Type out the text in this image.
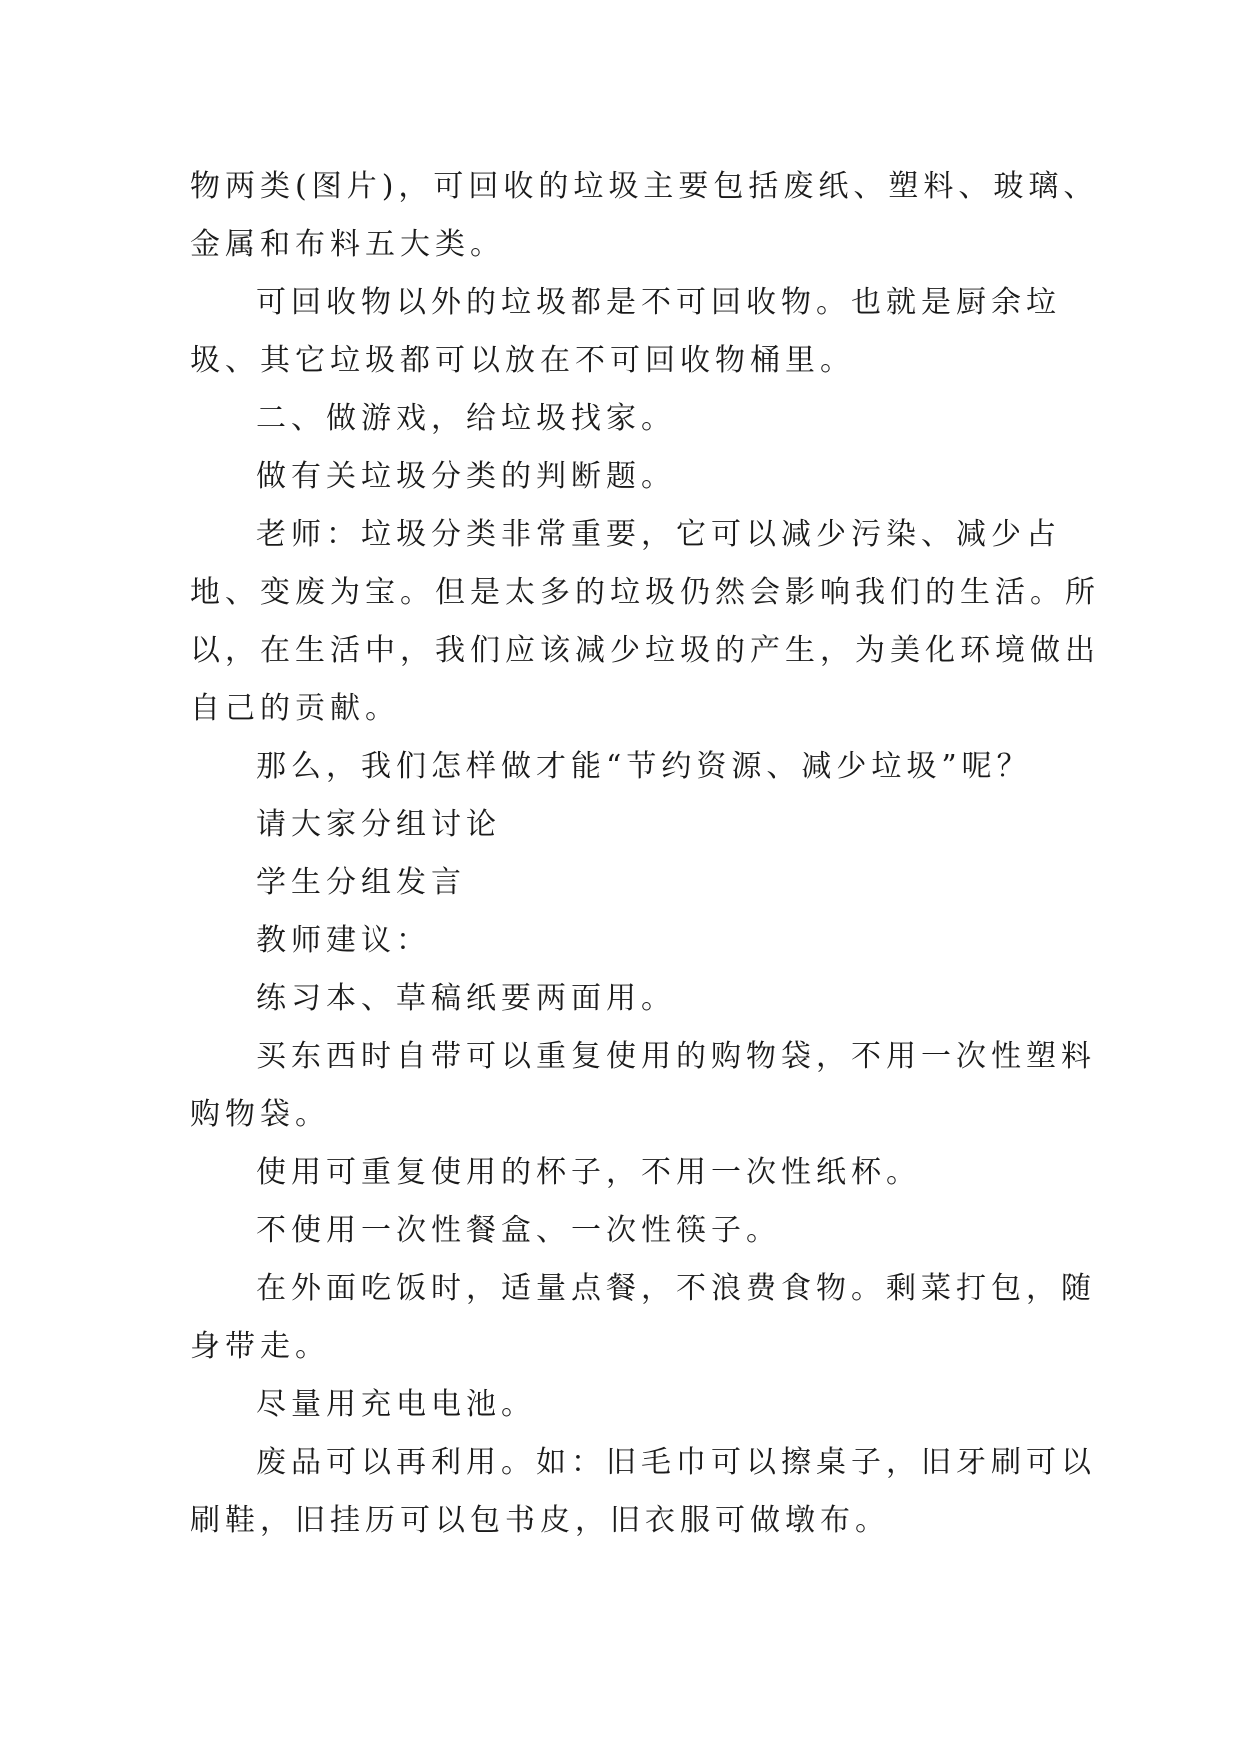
物两类(图片)，可回收的垃圾主要包括废纸、塑料、玻璃、金属和布料五大类。

可回收物以外的垃圾都是不可回收物。也就是厨余垃圾、其它垃圾都可以放在不可回收物桶里。

二、做游戏，给垃圾找家。

做有关垃圾分类的判断题。

老师：垃圾分类非常重要，它可以减少污染、减少占地、变废为宝。但是太多的垃圾仍然会影响我们的生活。所以，在生活中，我们应该减少垃圾的产生，为美化环境做出自己的贡献。

那么，我们怎样做才能“节约资源、减少垃圾”呢？

请大家分组讨论

学生分组发言

教师建议：

练习本、草稿纸要两面用。

买东西时自带可以重复使用的购物袋，不用一次性塑料购物袋。

使用可重复使用的杯子，不用一次性纸杯。

不使用一次性餐盒、一次性筷子。

在外面吃饭时，适量点餐，不浪费食物。剩菜打包，随身带走。

尽量用充电电池。

废品可以再利用。如：旧毛巾可以擦桌子，旧牙刷可以刷鞋，旧挂历可以包书皮，旧衣服可做墩布。
